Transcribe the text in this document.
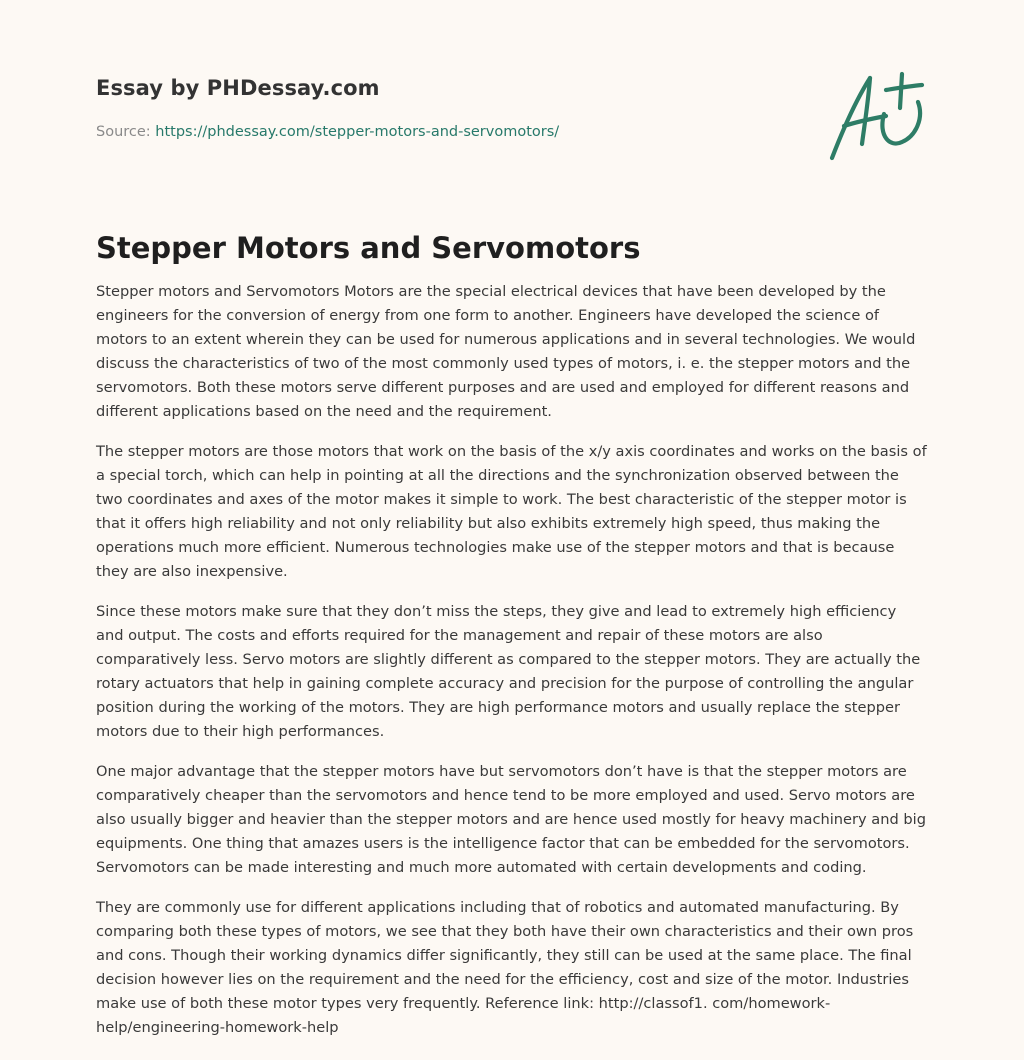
Essay by PHDessay.com
Source: https://phdessay.com/stepper-motors-and-servomotors/
Stepper Motors and Servomotors

Stepper motors and Servomotors Motors are the special electrical devices that have been developed by the engineers for the conversion of energy from one form to another. Engineers have developed the science of motors to an extent wherein they can be used for numerous applications and in several technologies. We would discuss the characteristics of two of the most commonly used types of motors, i. e. the stepper motors and the servomotors. Both these motors serve different purposes and are used and employed for different reasons and different applications based on the need and the requirement.

The stepper motors are those motors that work on the basis of the x/y axis coordinates and works on the basis of a special torch, which can help in pointing at all the directions and the synchronization observed between the two coordinates and axes of the motor makes it simple to work. The best characteristic of the stepper motor is that it offers high reliability and not only reliability but also exhibits extremely high speed, thus making the operations much more efficient. Numerous technologies make use of the stepper motors and that is because they are also inexpensive.

Since these motors make sure that they don’t miss the steps, they give and lead to extremely high efficiency and output. The costs and efforts required for the management and repair of these motors are also comparatively less. Servo motors are slightly different as compared to the stepper motors. They are actually the rotary actuators that help in gaining complete accuracy and precision for the purpose of controlling the angular position during the working of the motors. They are high performance motors and usually replace the stepper motors due to their high performances.

One major advantage that the stepper motors have but servomotors don’t have is that the stepper motors are comparatively cheaper than the servomotors and hence tend to be more employed and used. Servo motors are also usually bigger and heavier than the stepper motors and are hence used mostly for heavy machinery and big equipments. One thing that amazes users is the intelligence factor that can be embedded for the servomotors. Servomotors can be made interesting and much more automated with certain developments and coding.

They are commonly use for different applications including that of robotics and automated manufacturing. By comparing both these types of motors, we see that they both have their own characteristics and their own pros and cons. Though their working dynamics differ significantly, they still can be used at the same place. The final decision however lies on the requirement and the need for the efficiency, cost and size of the motor. Industries make use of both these motor types very frequently. Reference link: http://classof1. com/homework-help/engineering-homework-help
